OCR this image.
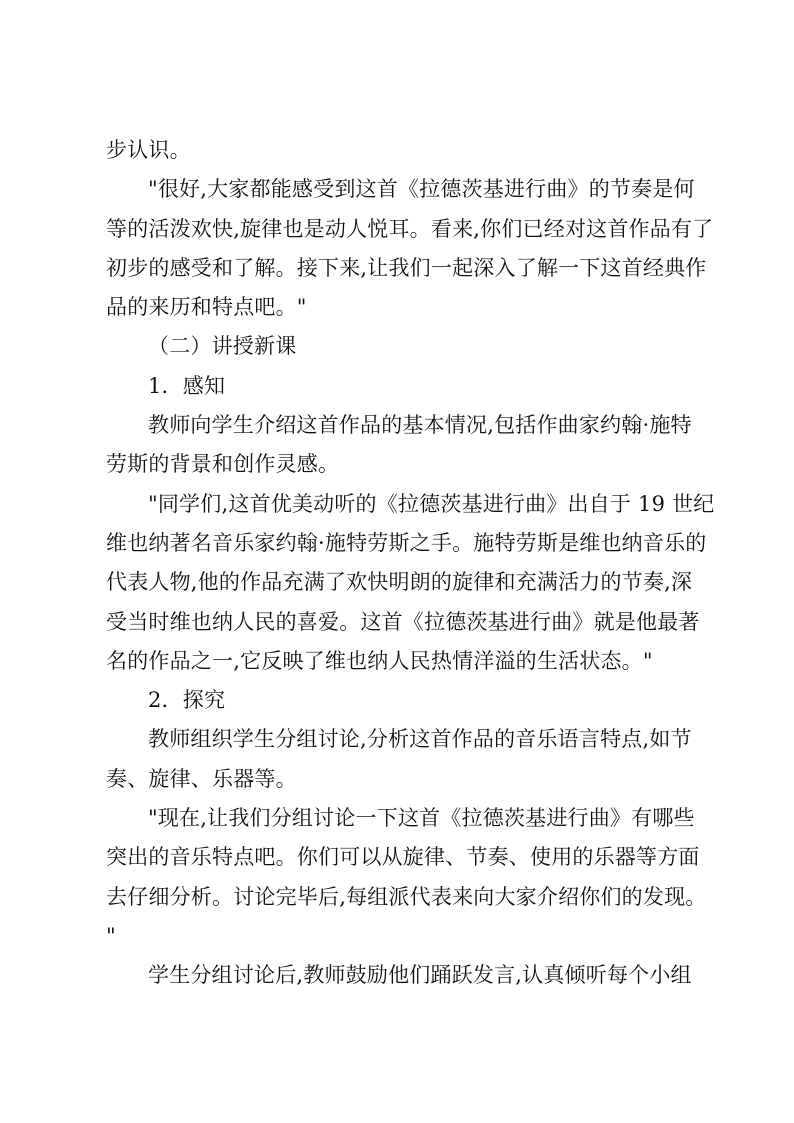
步认识。
"很好,大家都能感受到这首《拉德茨基进行曲》的节奏是何
等的活泼欢快,旋律也是动人悦耳。看来,你们已经对这首作品有了
初步的感受和了解。接下来,让我们一起深入了解一下这首经典作
品的来历和特点吧。"
（二）讲授新课
1．感知
教师向学生介绍这首作品的基本情况,包括作曲家约翰·施特
劳斯的背景和创作灵感。
"同学们,这首优美动听的《拉德茨基进行曲》出自于 19 世纪
维也纳著名音乐家约翰·施特劳斯之手。施特劳斯是维也纳音乐的
代表人物,他的作品充满了欢快明朗的旋律和充满活力的节奏,深
受当时维也纳人民的喜爱。这首《拉德茨基进行曲》就是他最著
名的作品之一,它反映了维也纳人民热情洋溢的生活状态。"
2．探究
教师组织学生分组讨论,分析这首作品的音乐语言特点,如节
奏、旋律、乐器等。
"现在,让我们分组讨论一下这首《拉德茨基进行曲》有哪些
突出的音乐特点吧。你们可以从旋律、节奏、使用的乐器等方面
去仔细分析。讨论完毕后,每组派代表来向大家介绍你们的发现。
"
学生分组讨论后,教师鼓励他们踊跃发言,认真倾听每个小组
